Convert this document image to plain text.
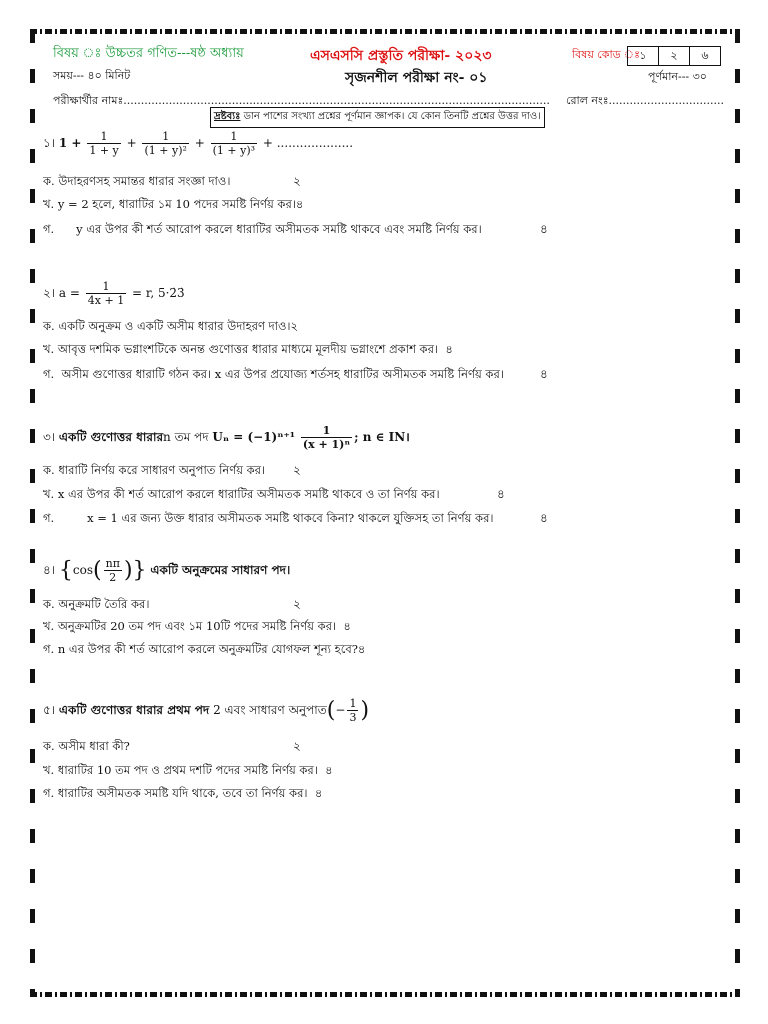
বিষয় ঃ উচ্চতর গণিত---ষষ্ঠ অধ্যায়	এসএসসি প্রস্তুতি পরীক্ষা- ২০২৩	বিষয় কোড ঃ ১	২	৬
সময়--- ৪০ মিনিট	সৃজনশীল পরীক্ষা নং- ০১	পূর্ণমান--- ৩০
পরীক্ষার্থীর নামঃ.......................................................................................................................... রোল নংঃ.................................
দ্রষ্টব্যঃ ডান পাশের সংখ্যা প্রশ্নের পূর্ণমান জ্ঞাপক। যে কোন তিনটি প্রশ্নের উত্তর দাও।
১। $1 + \frac{1}{1 + y} + \frac{1}{\text{(1 + y)²}} + \frac{1}{\text{(1 + y)³}}$ + ....................
ক. উদাহরণসহ সমান্তর ধারার সংজ্ঞা দাও।	২
খ. y = 2 হলে, ধারাটির ১ম 10 পদের সমষ্টি নির্ণয় কর।৪
গ. y এর উপর কী শর্ত আরোপ করলে ধারাটির অসীমতক সমষ্টি থাকবে এবং সমষ্টি নির্ণয় কর।	৪
২। $a = \frac{1}{4x + 1} = r$, 5·2̇3̇
ক. একটি অনুক্রম ও একটি অসীম ধারার উদাহরণ দাও।২
খ. আবৃত্ত দশমিক ভগ্নাংশটিকে অনন্ত গুণোত্তর ধারার মাধ্যমে মূলদীয় ভগ্নাংশে প্রকাশ কর। ৪
গ. অসীম গুণোত্তর ধারাটি গঠন কর। x এর উপর প্রযোজ্য শর্তসহ ধারাটির অসীমতক সমষ্টি নির্ণয় কর।	৪
৩। একটি গুণোত্তর ধারারn তম পদ $U_n = (-1)^{n+1} \frac{1}{\text{(x + 1)ⁿ}}$ ; n ∈ IN।
ক. ধারাটি নির্ণয় করে সাধারণ অনুপাত নির্ণয় কর। ২
খ. x এর উপর কী শর্ত আরোপ করলে ধারাটির অসীমতক সমষ্টি থাকবে ও তা নির্ণয় কর।	৪
গ.	x = 1 এর জন্য উক্ত ধারার অসীমতক সমষ্টি থাকবে কিনা? থাকলে যুক্তিসহ তা নির্ণয় কর।	৪
৪। {$\cos( \frac{n\pi}{2}$ )} একটি অনুক্রমের সাধারণ পদ।
ক. অনুক্রমটি তৈরি কর।	২
খ. অনুক্রমটির 20 তম পদ এবং ১ম 10টি পদের সমষ্টি নির্ণয় কর। ৪
গ. n এর উপর কী শর্ত আরোপ করলে অনুক্রমটির যোগফল শূন্য হবে?৪
৫। একটি গুণোত্তর ধারার প্রথম পদ 2 এবং সাধারণ অনুপাত(− $\frac{1}{3}$ )
ক. অসীম ধারা কী?	২
খ. ধারাটির 10 তম পদ ও প্রথম দশটি পদের সমষ্টি নির্ণয় কর। ৪
গ. ধারাটির অসীমতক সমষ্টি যদি থাকে, তবে তা নির্ণয় কর। ৪
